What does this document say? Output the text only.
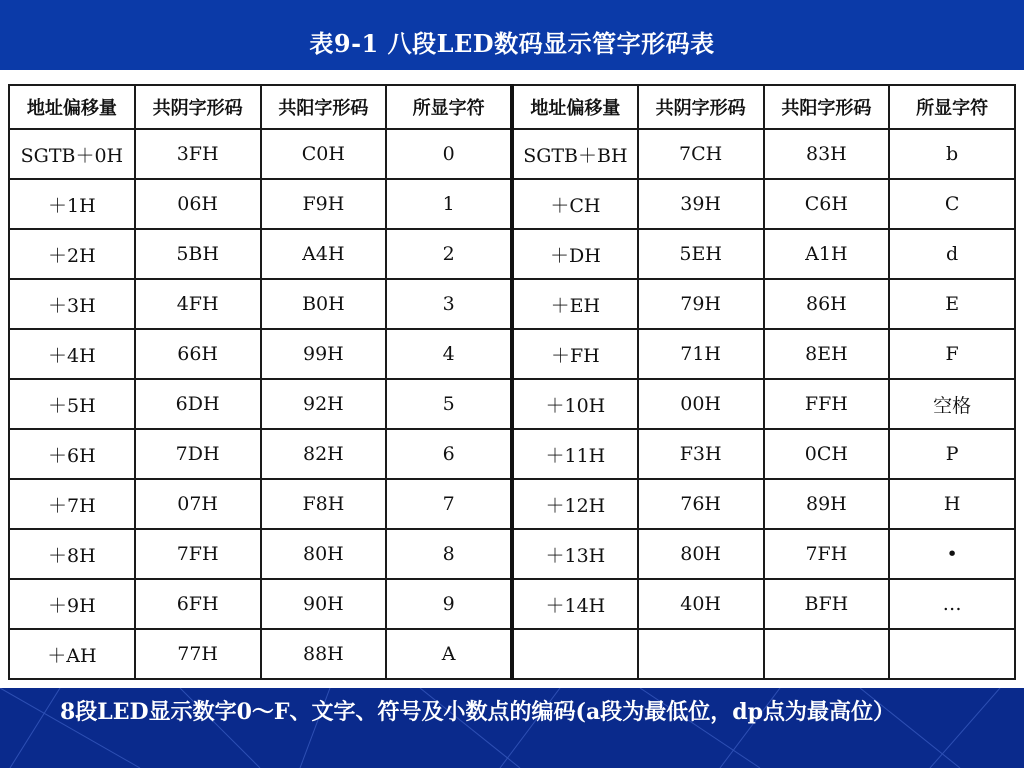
表9-1 八段LED数码显示管字形码表
地址偏移量	共阴字形码	共阳字形码	所显字符	地址偏移量	共阴字形码	共阳字形码	所显字符
SGTB＋0H	3FH	C0H	0	SGTB＋BH	7CH	83H	b
＋1H	06H	F9H	1	＋CH	39H	C6H	C
＋2H	5BH	A4H	2	＋DH	5EH	A1H	d
＋3H	4FH	B0H	3	＋EH	79H	86H	E
＋4H	66H	99H	4	＋FH	71H	8EH	F
＋5H	6DH	92H	5	＋10H	00H	FFH	空格
＋6H	7DH	82H	6	＋11H	F3H	0CH	P
＋7H	07H	F8H	7	＋12H	76H	89H	H
＋8H	7FH	80H	8	＋13H	80H	7FH	•
＋9H	6FH	90H	9	＋14H	40H	BFH	…
＋AH	77H	88H	A				
8段LED显示数字0～F、文字、符号及小数点的编码(a段为最低位，dp点为最高位）
